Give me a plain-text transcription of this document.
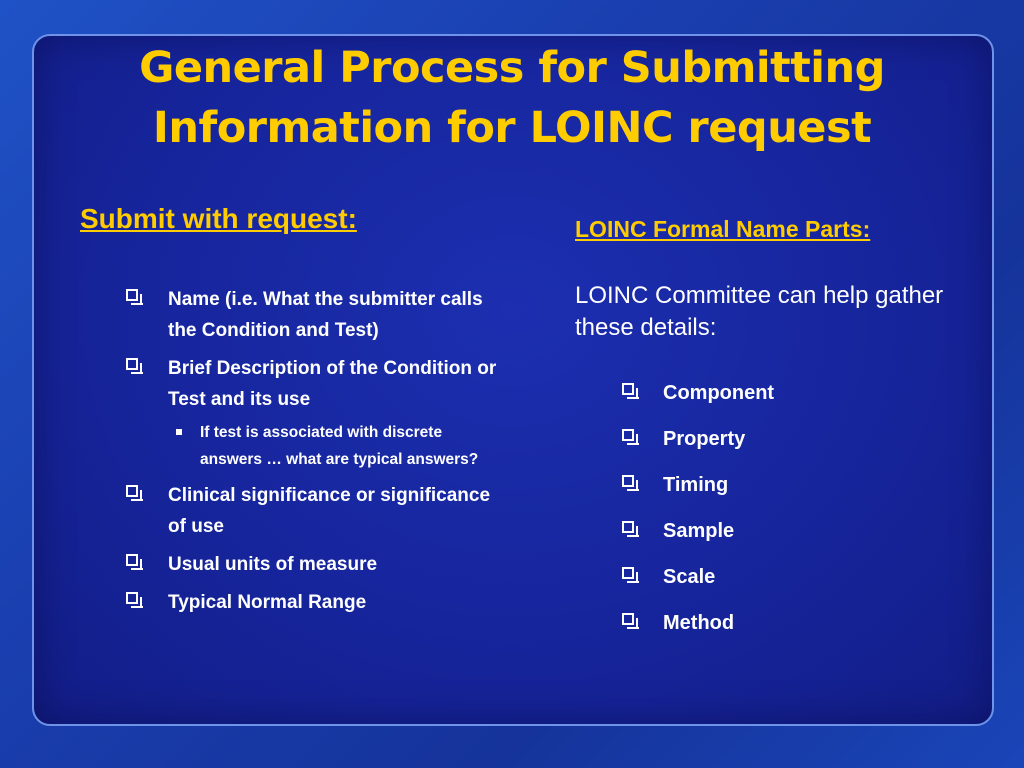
General Process for Submitting
Information for LOINC request
Submit with request:
Name (i.e. What the submitter calls the Condition and Test)
Brief Description of the Condition or Test and its use
If test is associated with discrete answers … what are typical answers?
Clinical significance or significance of use
Usual units of measure
Typical Normal Range
LOINC Formal Name Parts:
LOINC Committee can help gather these details:
Component
Property
Timing
Sample
Scale
Method
